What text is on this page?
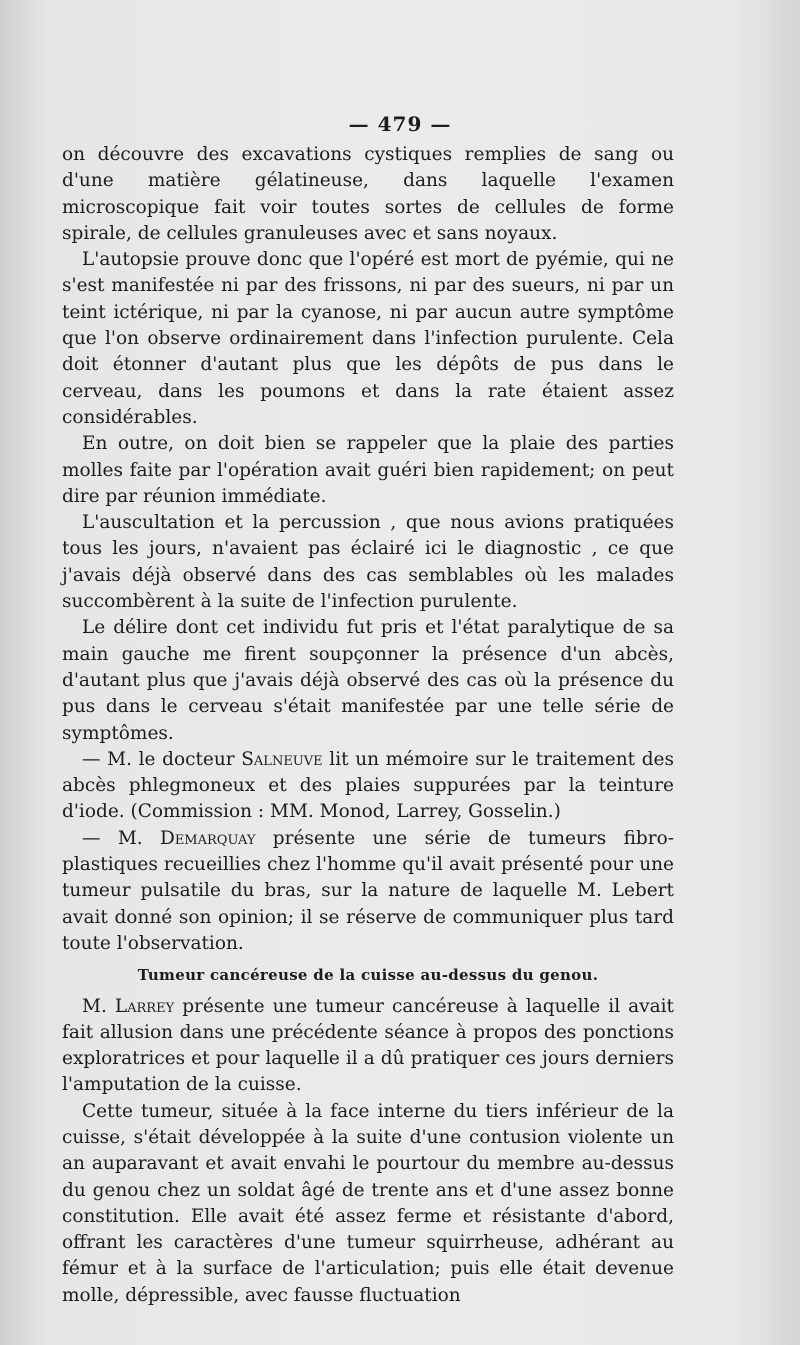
— 479 —

on découvre des excavations cystiques remplies de sang ou d'une matière gélatineuse, dans laquelle l'examen microscopique fait voir toutes sortes de cellules de forme spirale, de cellules granuleuses avec et sans noyaux.

L'autopsie prouve donc que l'opéré est mort de pyémie, qui ne s'est manifestée ni par des frissons, ni par des sueurs, ni par un teint ictérique, ni par la cyanose, ni par aucun autre symptôme que l'on observe ordinairement dans l'infection purulente. Cela doit étonner d'autant plus que les dépôts de pus dans le cerveau, dans les poumons et dans la rate étaient assez considérables.

En outre, on doit bien se rappeler que la plaie des parties molles faite par l'opération avait guéri bien rapidement; on peut dire par réunion immédiate.

L'auscultation et la percussion , que nous avions pratiquées tous les jours, n'avaient pas éclairé ici le diagnostic , ce que j'avais déjà observé dans des cas semblables où les malades succombèrent à la suite de l'infection purulente.

Le délire dont cet individu fut pris et l'état paralytique de sa main gauche me firent soupçonner la présence d'un abcès, d'autant plus que j'avais déjà observé des cas où la présence du pus dans le cerveau s'était manifestée par une telle série de symptômes.

— M. le docteur Salneuve lit un mémoire sur le traitement des abcès phlegmoneux et des plaies suppurées par la teinture d'iode. (Commission : MM. Monod, Larrey, Gosselin.)

— M. Demarquay présente une série de tumeurs fibro-plastiques recueillies chez l'homme qu'il avait présenté pour une tumeur pulsatile du bras, sur la nature de laquelle M. Lebert avait donné son opinion; il se réserve de communiquer plus tard toute l'observation.

Tumeur cancéreuse de la cuisse au-dessus du genou.

M. Larrey présente une tumeur cancéreuse à laquelle il avait fait allusion dans une précédente séance à propos des ponctions exploratrices et pour laquelle il a dû pratiquer ces jours derniers l'amputation de la cuisse.

Cette tumeur, située à la face interne du tiers inférieur de la cuisse, s'était développée à la suite d'une contusion violente un an auparavant et avait envahi le pourtour du membre au-dessus du genou chez un soldat âgé de trente ans et d'une assez bonne constitution. Elle avait été assez ferme et résistante d'abord, offrant les caractères d'une tumeur squirrheuse, adhérant au fémur et à la surface de l'articulation; puis elle était devenue molle, dépressible, avec fausse fluctuation
